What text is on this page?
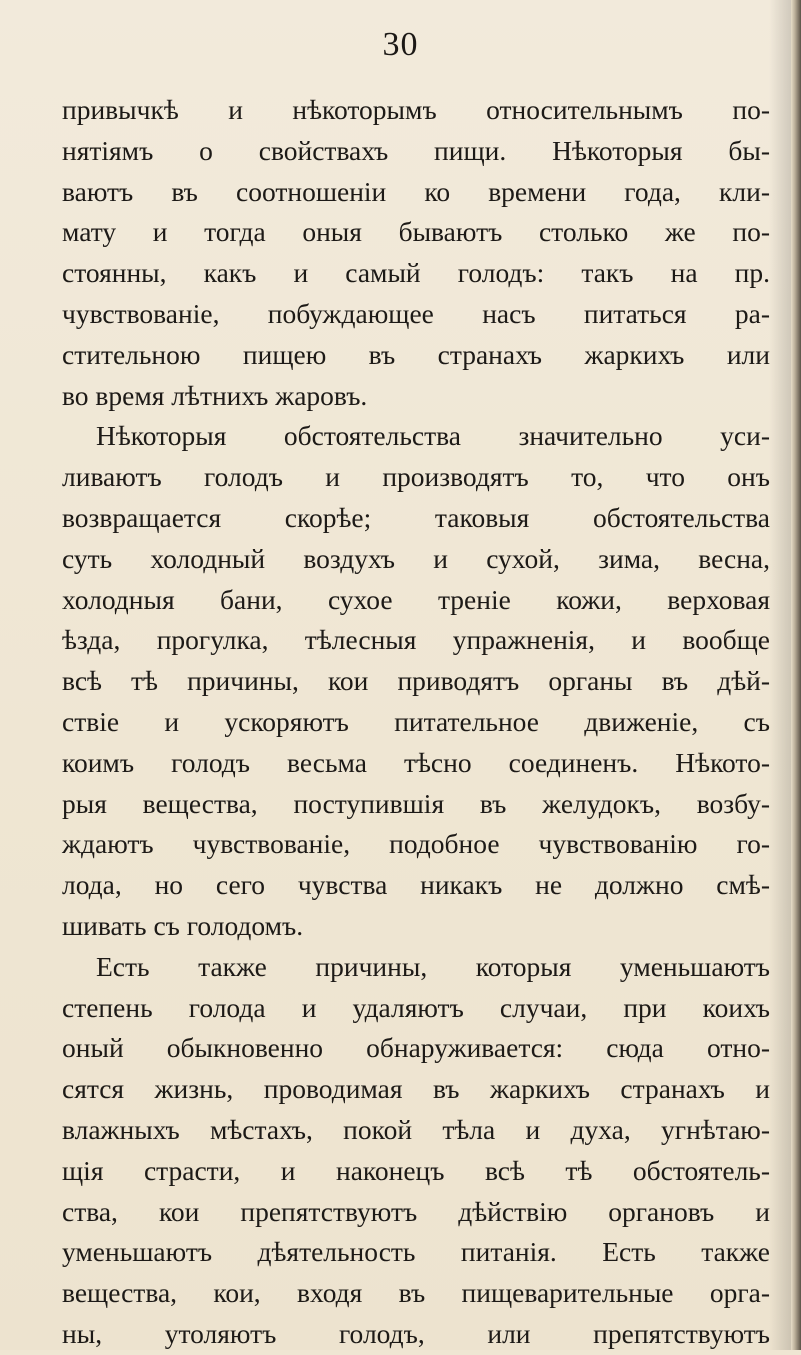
30
привычкѣ и нѣкоторымъ относительнымъ по-
нятіямъ о свойствахъ пищи. Нѣкоторыя бы-
ваютъ въ соотношеніи ко времени года, кли-
мату и тогда оныя бываютъ столько же по-
стоянны, какъ и самый голодъ: такъ на пр.
чувствованіе, побуждающее насъ питаться ра-
стительною пищею въ странахъ жаркихъ или
во время лѣтнихъ жаровъ.
Нѣкоторыя обстоятельства значительно уси-
ливаютъ голодъ и производятъ то, что онъ
возвращается скорѣе; таковыя обстоятельства
суть холодный воздухъ и сухой, зима, весна,
холодныя бани, сухое треніе кожи, верховая
ѣзда, прогулка, тѣлесныя упражненія, и вообще
всѣ тѣ причины, кои приводятъ органы въ дѣй-
ствіе и ускоряютъ питательное движеніе, съ
коимъ голодъ весьма тѣсно соединенъ. Нѣкото-
рыя вещества, поступившія въ желудокъ, возбу-
ждаютъ чувствованіе, подобное чувствованію го-
лода, но сего чувства никакъ не должно смѣ-
шивать съ голодомъ.
Есть также причины, которыя уменьшаютъ
степень голода и удаляютъ случаи, при коихъ
оный обыкновенно обнаруживается: сюда отно-
сятся жизнь, проводимая въ жаркихъ странахъ и
влажныхъ мѣстахъ, покой тѣла и духа, угнѣтаю-
щія страсти, и наконецъ всѣ тѣ обстоятель-
ства, кои препятствуютъ дѣйствію органовъ и
уменьшаютъ дѣятельность питанія. Есть также
вещества, кои, входя въ пищеварительные орга-
ны, утоляютъ голодъ, или препятствуютъ
